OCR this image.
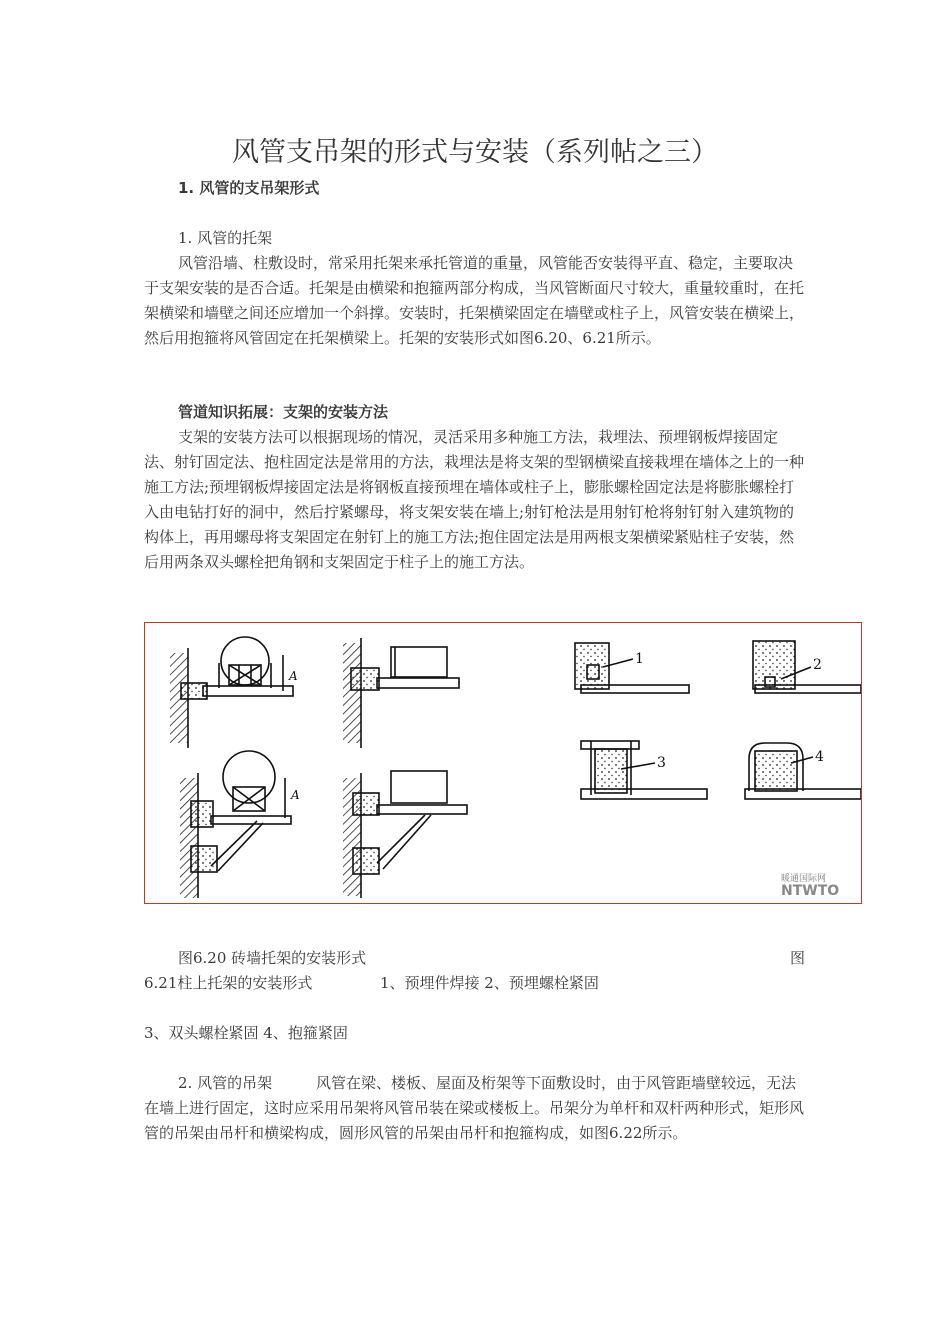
风管支吊架的形式与安装（系列帖之三）

1. 风管的支吊架形式

1. 风管的托架

风管沿墙、柱敷设时，常采用托架来承托管道的重量，风管能否安装得平直、稳定，主要取决于支架安装的是否合适。托架是由横梁和抱箍两部分构成，当风管断面尺寸较大，重量较重时，在托架横梁和墙壁之间还应增加一个斜撑。安装时，托架横梁固定在墙壁或柱子上，风管安装在横梁上，然后用抱箍将风管固定在托架横梁上。托架的安装形式如图6.20、6.21所示。

管道知识拓展：支架的安装方法

支架的安装方法可以根据现场的情况，灵活采用多种施工方法，栽埋法、预埋钢板焊接固定法、射钉固定法、抱柱固定法是常用的方法，栽埋法是将支架的型钢横梁直接栽埋在墙体之上的一种施工方法;预埋钢板焊接固定法是将钢板直接预埋在墙体或柱子上，膨胀螺栓固定法是将膨胀螺栓打入由电钻打好的洞中，然后拧紧螺母，将支架安装在墙上;射钉枪法是用射钉枪将射钉射入建筑物的构体上，再用螺母将支架固定在射钉上的施工方法;抱住固定法是用两根支架横梁紧贴柱子安装，然后用两条双头螺栓把角钢和支架固定于柱子上的施工方法。

A
A
1	2
3	4
暖通国际网
NTWTO
图6.20 砖墙托架的安装形式	图
6.21柱上托架的安装形式	1、预埋件焊接 2、预埋螺栓紧固
3、双头螺栓紧固 4、抱箍紧固
2. 风管的吊架	风管在梁、楼板、屋面及桁架等下面敷设时，由于风管距墙壁较远，无法在墙上进行固定，这时应采用吊架将风管吊装在梁或楼板上。吊架分为单杆和双杆两种形式，矩形风管的吊架由吊杆和横梁构成，圆形风管的吊架由吊杆和抱箍构成，如图6.22所示。
